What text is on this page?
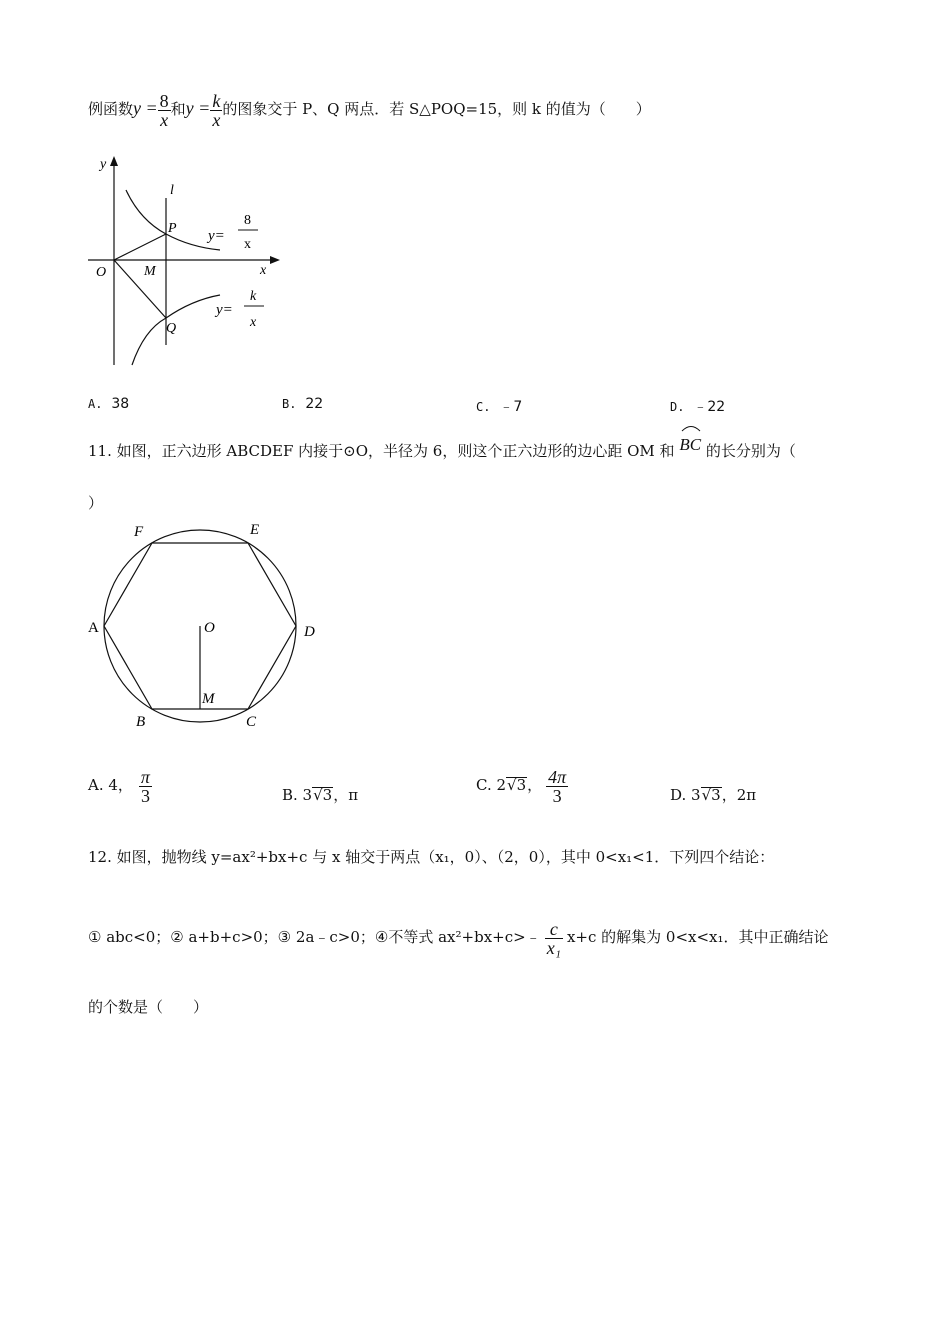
例函数$y = \frac{8}{x}$ 和$y = \frac{k}{x}$ 的图象交于 P、Q 两点．若 S△POQ=15，则 k 的值为（　　）
y
x
l
O	M
P
Q
y=
8
x
y=
k
x
A. 38	B. 22	C. ﹣7	D. ﹣22
11. 如图，正六边形 ABCDEF 内接于⊙O，半径为 6，则这个正六边形的边心距 OM 和 BC 的长分别为（
）
A
B	C
D
E
F
O
M
A. 4， $\frac{\pi}{3}$	B. 3√3，π
C. 2√3， $\frac{4\pi}{3}$	D. 3√3，2π
12. 如图，抛物线 y=ax²+bx+c 与 x 轴交于两点（x₁，0）、（2，0），其中 0<x₁<1．下列四个结论：
① abc<0；② a+b+c>0；③ 2a﹣c>0；④不等式 ax²+bx+c>﹣ $\frac{c}{\text{x₁}} x+c$ 的解集为 0<x<x₁．其中正确结论
的个数是（　　）
